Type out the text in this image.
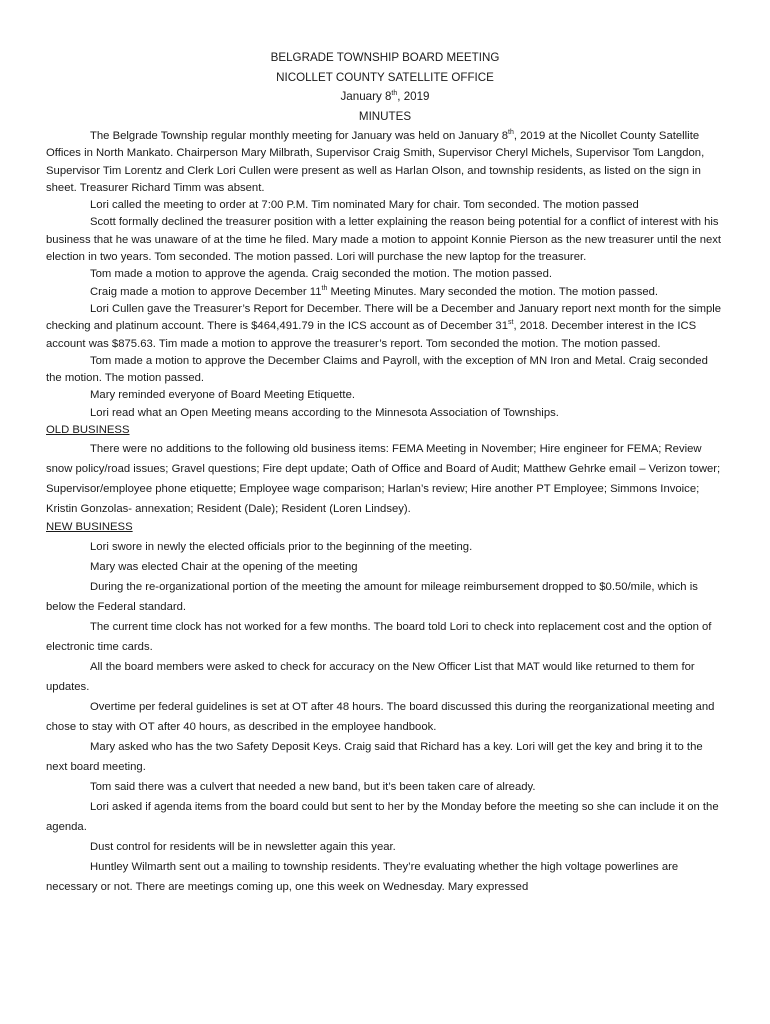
BELGRADE TOWNSHIP BOARD MEETING
NICOLLET COUNTY SATELLITE OFFICE
January 8th, 2019
MINUTES

The Belgrade Township regular monthly meeting for January was held on January 8th, 2019 at the Nicollet County Satellite Offices in North Mankato. Chairperson Mary Milbrath, Supervisor Craig Smith, Supervisor Cheryl Michels, Supervisor Tom Langdon, Supervisor Tim Lorentz and Clerk Lori Cullen were present as well as Harlan Olson, and township residents, as listed on the sign in sheet. Treasurer Richard Timm was absent.

Lori called the meeting to order at 7:00 P.M. Tim nominated Mary for chair. Tom seconded. The motion passed

Scott formally declined the treasurer position with a letter explaining the reason being potential for a conflict of interest with his business that he was unaware of at the time he filed. Mary made a motion to appoint Konnie Pierson as the new treasurer until the next election in two years. Tom seconded. The motion passed. Lori will purchase the new laptop for the treasurer.

Tom made a motion to approve the agenda. Craig seconded the motion. The motion passed.

Craig made a motion to approve December 11th Meeting Minutes. Mary seconded the motion. The motion passed.

Lori Cullen gave the Treasurer’s Report for December. There will be a December and January report next month for the simple checking and platinum account. There is $464,491.79 in the ICS account as of December 31st, 2018. December interest in the ICS account was $875.63. Tim made a motion to approve the treasurer’s report. Tom seconded the motion. The motion passed.

Tom made a motion to approve the December Claims and Payroll, with the exception of MN Iron and Metal. Craig seconded the motion. The motion passed.

Mary reminded everyone of Board Meeting Etiquette.

Lori read what an Open Meeting means according to the Minnesota Association of Townships.

OLD BUSINESS

There were no additions to the following old business items: FEMA Meeting in November; Hire engineer for FEMA; Review snow policy/road issues; Gravel questions; Fire dept update; Oath of Office and Board of Audit; Matthew Gehrke email – Verizon tower; Supervisor/employee phone etiquette; Employee wage comparison; Harlan’s review; Hire another PT Employee; Simmons Invoice; Kristin Gonzolas- annexation; Resident (Dale); Resident (Loren Lindsey).

NEW BUSINESS

Lori swore in newly the elected officials prior to the beginning of the meeting.

Mary was elected Chair at the opening of the meeting

During the re-organizational portion of the meeting the amount for mileage reimbursement dropped to $0.50/mile, which is below the Federal standard.

The current time clock has not worked for a few months. The board told Lori to check into replacement cost and the option of electronic time cards.

All the board members were asked to check for accuracy on the New Officer List that MAT would like returned to them for updates.

Overtime per federal guidelines is set at OT after 48 hours. The board discussed this during the reorganizational meeting and chose to stay with OT after 40 hours, as described in the employee handbook.

Mary asked who has the two Safety Deposit Keys. Craig said that Richard has a key. Lori will get the key and bring it to the next board meeting.

Tom said there was a culvert that needed a new band, but it’s been taken care of already.

Lori asked if agenda items from the board could but sent to her by the Monday before the meeting so she can include it on the agenda.

Dust control for residents will be in newsletter again this year.

Huntley Wilmarth sent out a mailing to township residents. They’re evaluating whether the high voltage powerlines are necessary or not. There are meetings coming up, one this week on Wednesday. Mary expressed
